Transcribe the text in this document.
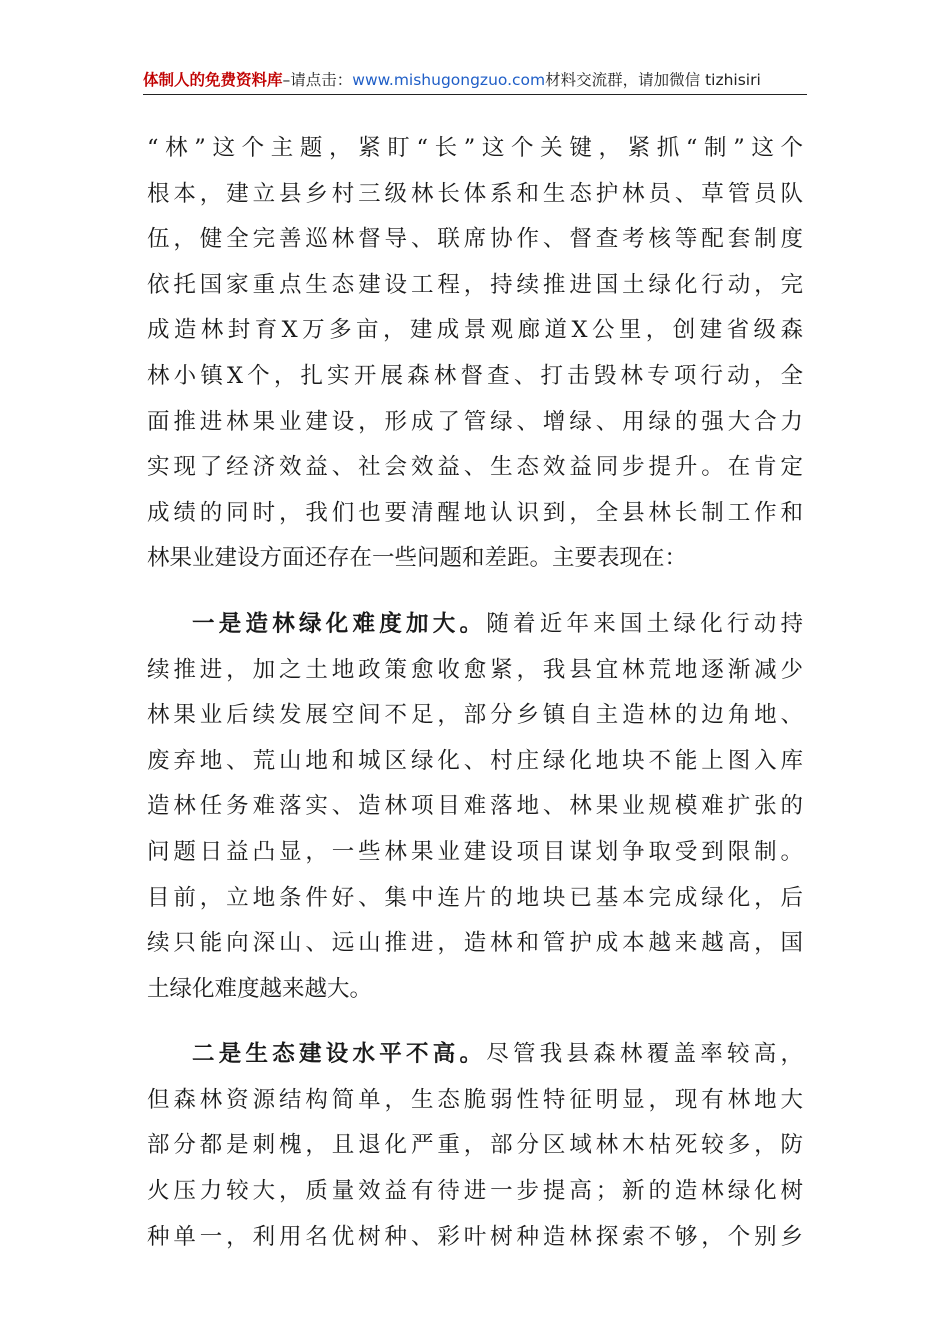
体制人的免费资料库–请点击：www.mishugongzuo.com材料交流群，请加微信 tizhisiri
“林”这个主题，紧盯“长”这个关键，紧抓“制”这个
根本，建立县乡村三级林长体系和生态护林员、草管员队
伍，健全完善巡林督导、联席协作、督查考核等配套制度
依托国家重点生态建设工程，持续推进国土绿化行动，完
成造林封育X万多亩，建成景观廊道X公里，创建省级森
林小镇X个，扎实开展森林督查、打击毁林专项行动，全
面推进林果业建设，形成了管绿、增绿、用绿的强大合力
实现了经济效益、社会效益、生态效益同步提升。在肯定
成绩的同时，我们也要清醒地认识到，全县林长制工作和
林果业建设方面还存在一些问题和差距。主要表现在：
一是造林绿化难度加大。随着近年来国土绿化行动持
续推进，加之土地政策愈收愈紧，我县宜林荒地逐渐减少
林果业后续发展空间不足，部分乡镇自主造林的边角地、
废弃地、荒山地和城区绿化、村庄绿化地块不能上图入库
造林任务难落实、造林项目难落地、林果业规模难扩张的
问题日益凸显，一些林果业建设项目谋划争取受到限制。
目前，立地条件好、集中连片的地块已基本完成绿化，后
续只能向深山、远山推进，造林和管护成本越来越高，国
土绿化难度越来越大。
二是生态建设水平不高。尽管我县森林覆盖率较高，
但森林资源结构简单，生态脆弱性特征明显，现有林地大
部分都是刺槐，且退化严重，部分区域林木枯死较多，防
火压力较大，质量效益有待进一步提高；新的造林绿化树
种单一，利用名优树种、彩叶树种造林探索不够，个别乡
